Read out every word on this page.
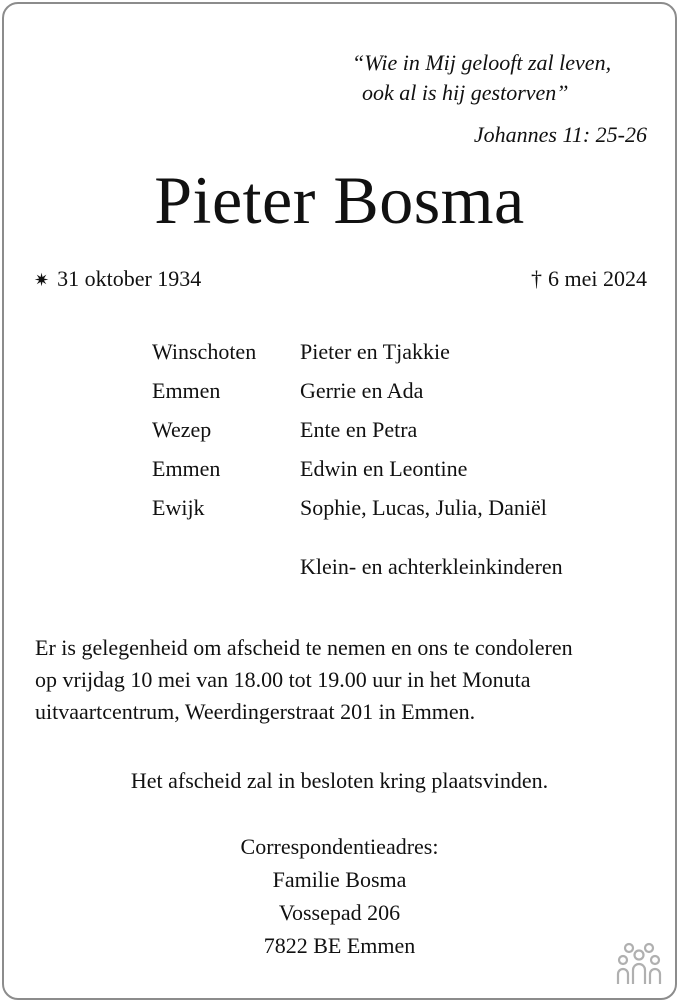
“Wie in Mij gelooft zal leven,
ook al is hij gestorven”
Johannes 11: 25-26
Pieter Bosma
✷ 31 oktober 1934	† 6 mei 2024
Winschoten	Pieter en Tjakkie
Emmen	Gerrie en Ada
Wezep	Ente en Petra
Emmen	Edwin en Leontine
Ewijk	Sophie, Lucas, Julia, Daniël
Klein- en achterkleinkinderen
Er is gelegenheid om afscheid te nemen en ons te condoleren
op vrijdag 10 mei van 18.00 tot 19.00 uur in het Monuta
uitvaartcentrum, Weerdingerstraat 201 in Emmen.
Het afscheid zal in besloten kring plaatsvinden.
Correspondentieadres:
Familie Bosma
Vossepad 206
7822 BE Emmen
